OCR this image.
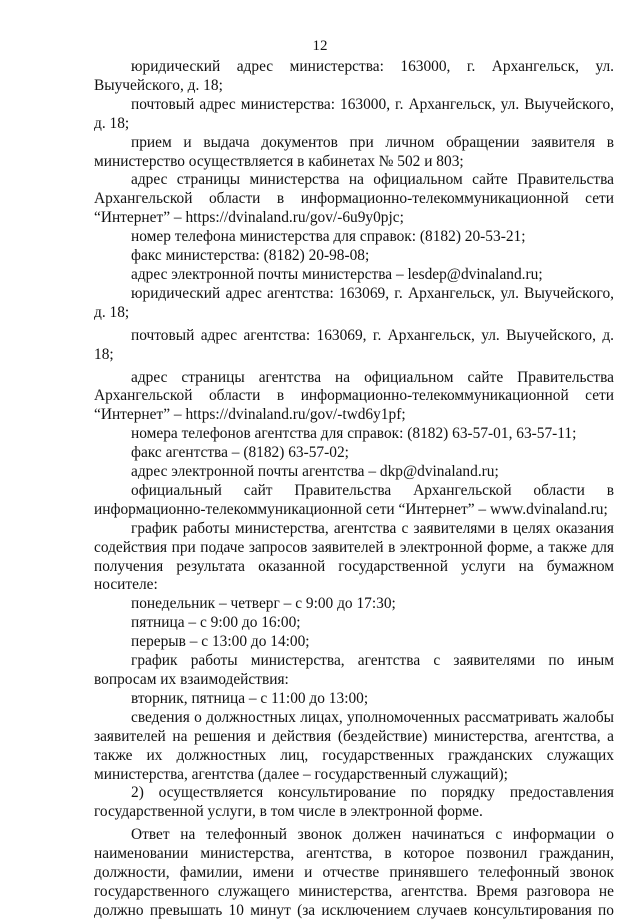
12

юридический адрес министерства: 163000, г. Архангельск, ул. Выучейского, д. 18;

почтовый адрес министерства: 163000, г. Архангельск, ул. Выучейского, д. 18;

прием и выдача документов при личном обращении заявителя в министерство осуществляется в кабинетах № 502 и 803;

адрес страницы министерства на официальном сайте Правительства Архангельской области в информационно-телекоммуникационной сети “Интернет” – https://dvinaland.ru/gov/-6u9y0pjc;

номер телефона министерства для справок: (8182) 20-53-21;

факс министерства: (8182) 20-98-08;

адрес электронной почты министерства – lesdep@dvinaland.ru;

юридический адрес агентства: 163069, г. Архангельск, ул. Выучейского, д. 18;

почтовый адрес агентства: 163069, г. Архангельск, ул. Выучейского, д. 18;

адрес страницы агентства на официальном сайте Правительства Архангельской области в информационно-телекоммуникационной сети “Интернет” – https://dvinaland.ru/gov/-twd6y1pf;

номера телефонов агентства для справок: (8182) 63-57-01, 63-57-11;

факс агентства – (8182) 63-57-02;

адрес электронной почты агентства – dkp@dvinaland.ru;

официальный сайт Правительства Архангельской области в информационно-телекоммуникационной сети “Интернет” – www.dvinaland.ru;

график работы министерства, агентства с заявителями в целях оказания содействия при подаче запросов заявителей в электронной форме, а также для получения результата оказанной государственной услуги на бумажном носителе:

понедельник – четверг – с 9:00 до 17:30;

пятница – с 9:00 до 16:00;

перерыв – с 13:00 до 14:00;

график работы министерства, агентства с заявителями по иным вопросам их взаимодействия:

вторник, пятница – с 11:00 до 13:00;

сведения о должностных лицах, уполномоченных рассматривать жалобы заявителей на решения и действия (бездействие) министерства, агентства, а также их должностных лиц, государственных гражданских служащих министерства, агентства (далее – государственный служащий);

2) осуществляется консультирование по порядку предоставления государственной услуги, в том числе в электронной форме.

Ответ на телефонный звонок должен начинаться с информации о наименовании министерства, агентства, в которое позвонил гражданин, должности, фамилии, имени и отчестве принявшего телефонный звонок государственного служащего министерства, агентства. Время разговора не должно превышать 10 минут (за исключением случаев консультирования по
